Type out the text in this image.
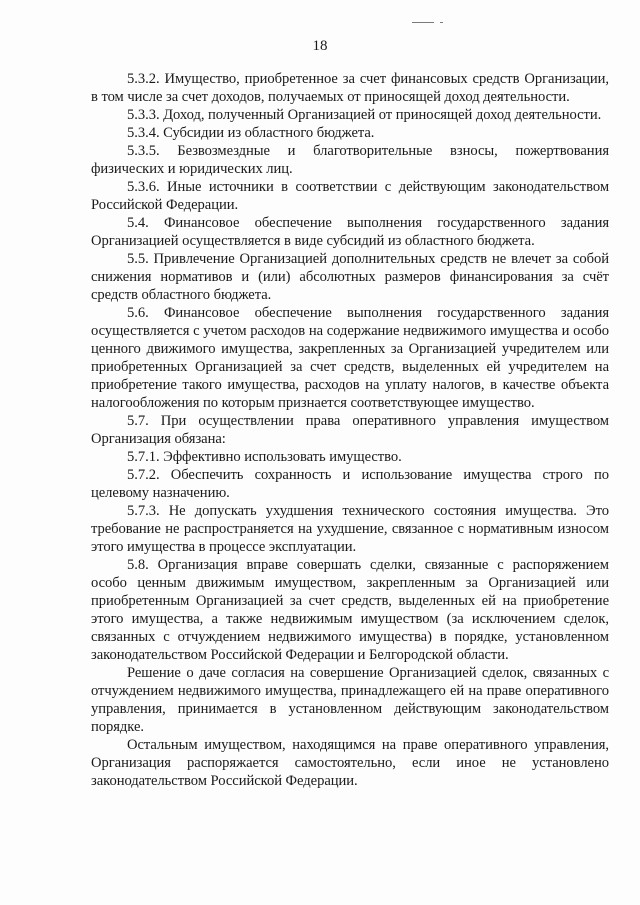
18

5.3.2. Имущество, приобретенное за счет финансовых средств Организации, в том числе за счет доходов, получаемых от приносящей доход деятельности.

5.3.3. Доход, полученный Организацией от приносящей доход деятельности.

5.3.4. Субсидии из областного бюджета.

5.3.5. Безвозмездные и благотворительные взносы, пожертвования физических и юридических лиц.

5.3.6. Иные источники в соответствии с действующим законодательством Российской Федерации.

5.4. Финансовое обеспечение выполнения государственного задания Организацией осуществляется в виде субсидий из областного бюджета.

5.5. Привлечение Организацией дополнительных средств не влечет за собой снижения нормативов и (или) абсолютных размеров финансирования за счёт средств областного бюджета.

5.6. Финансовое обеспечение выполнения государственного задания осуществляется с учетом расходов на содержание недвижимого имущества и особо ценного движимого имущества, закрепленных за Организацией учредителем или приобретенных Организацией за счет средств, выделенных ей учредителем на приобретение такого имущества, расходов на уплату налогов, в качестве объекта налогообложения по которым признается соответствующее имущество.

5.7. При осуществлении права оперативного управления имуществом Организация обязана:

5.7.1. Эффективно использовать имущество.

5.7.2. Обеспечить сохранность и использование имущества строго по целевому назначению.

5.7.3. Не допускать ухудшения технического состояния имущества. Это требование не распространяется на ухудшение, связанное с нормативным износом этого имущества в процессе эксплуатации.

5.8. Организация вправе совершать сделки, связанные с распоряжением особо ценным движимым имуществом, закрепленным за Организацией или приобретенным Организацией за счет средств, выделенных ей на приобретение этого имущества, а также недвижимым имуществом (за исключением сделок, связанных с отчуждением недвижимого имущества) в порядке, установленном законодательством Российской Федерации и Белгородской области.

Решение о даче согласия на совершение Организацией сделок, связанных с отчуждением недвижимого имущества, принадлежащего ей на праве оперативного управления, принимается в установленном действующим законодательством порядке.

Остальным имуществом, находящимся на праве оперативного управления, Организация распоряжается самостоятельно, если иное не установлено законодательством Российской Федерации.
